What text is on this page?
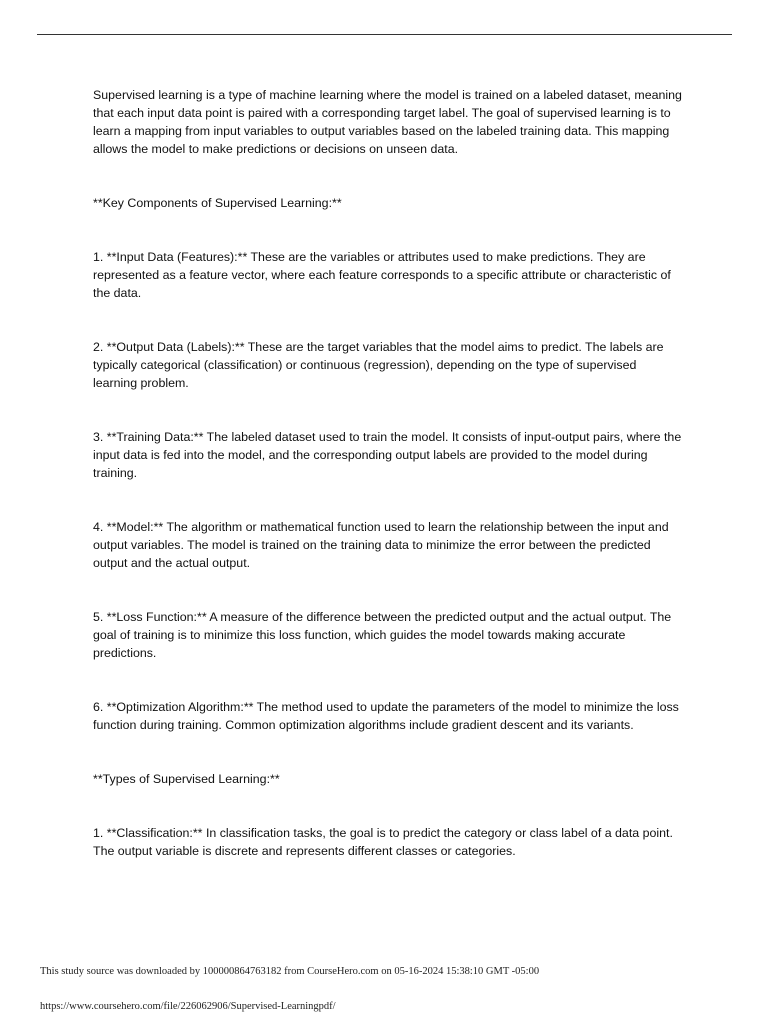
Supervised learning is a type of machine learning where the model is trained on a labeled dataset, meaning that each input data point is paired with a corresponding target label. The goal of supervised learning is to learn a mapping from input variables to output variables based on the labeled training data. This mapping allows the model to make predictions or decisions on unseen data.

**Key Components of Supervised Learning:**

1. **Input Data (Features):** These are the variables or attributes used to make predictions. They are represented as a feature vector, where each feature corresponds to a specific attribute or characteristic of the data.

2. **Output Data (Labels):** These are the target variables that the model aims to predict. The labels are typically categorical (classification) or continuous (regression), depending on the type of supervised learning problem.

3. **Training Data:** The labeled dataset used to train the model. It consists of input-output pairs, where the input data is fed into the model, and the corresponding output labels are provided to the model during training.

4. **Model:** The algorithm or mathematical function used to learn the relationship between the input and output variables. The model is trained on the training data to minimize the error between the predicted output and the actual output.

5. **Loss Function:** A measure of the difference between the predicted output and the actual output. The goal of training is to minimize this loss function, which guides the model towards making accurate predictions.

6. **Optimization Algorithm:** The method used to update the parameters of the model to minimize the loss function during training. Common optimization algorithms include gradient descent and its variants.

**Types of Supervised Learning:**

1. **Classification:** In classification tasks, the goal is to predict the category or class label of a data point. The output variable is discrete and represents different classes or categories.

This study source was downloaded by 100000864763182 from CourseHero.com on 05-16-2024 15:38:10 GMT -05:00
https://www.coursehero.com/file/226062906/Supervised-Learningpdf/
